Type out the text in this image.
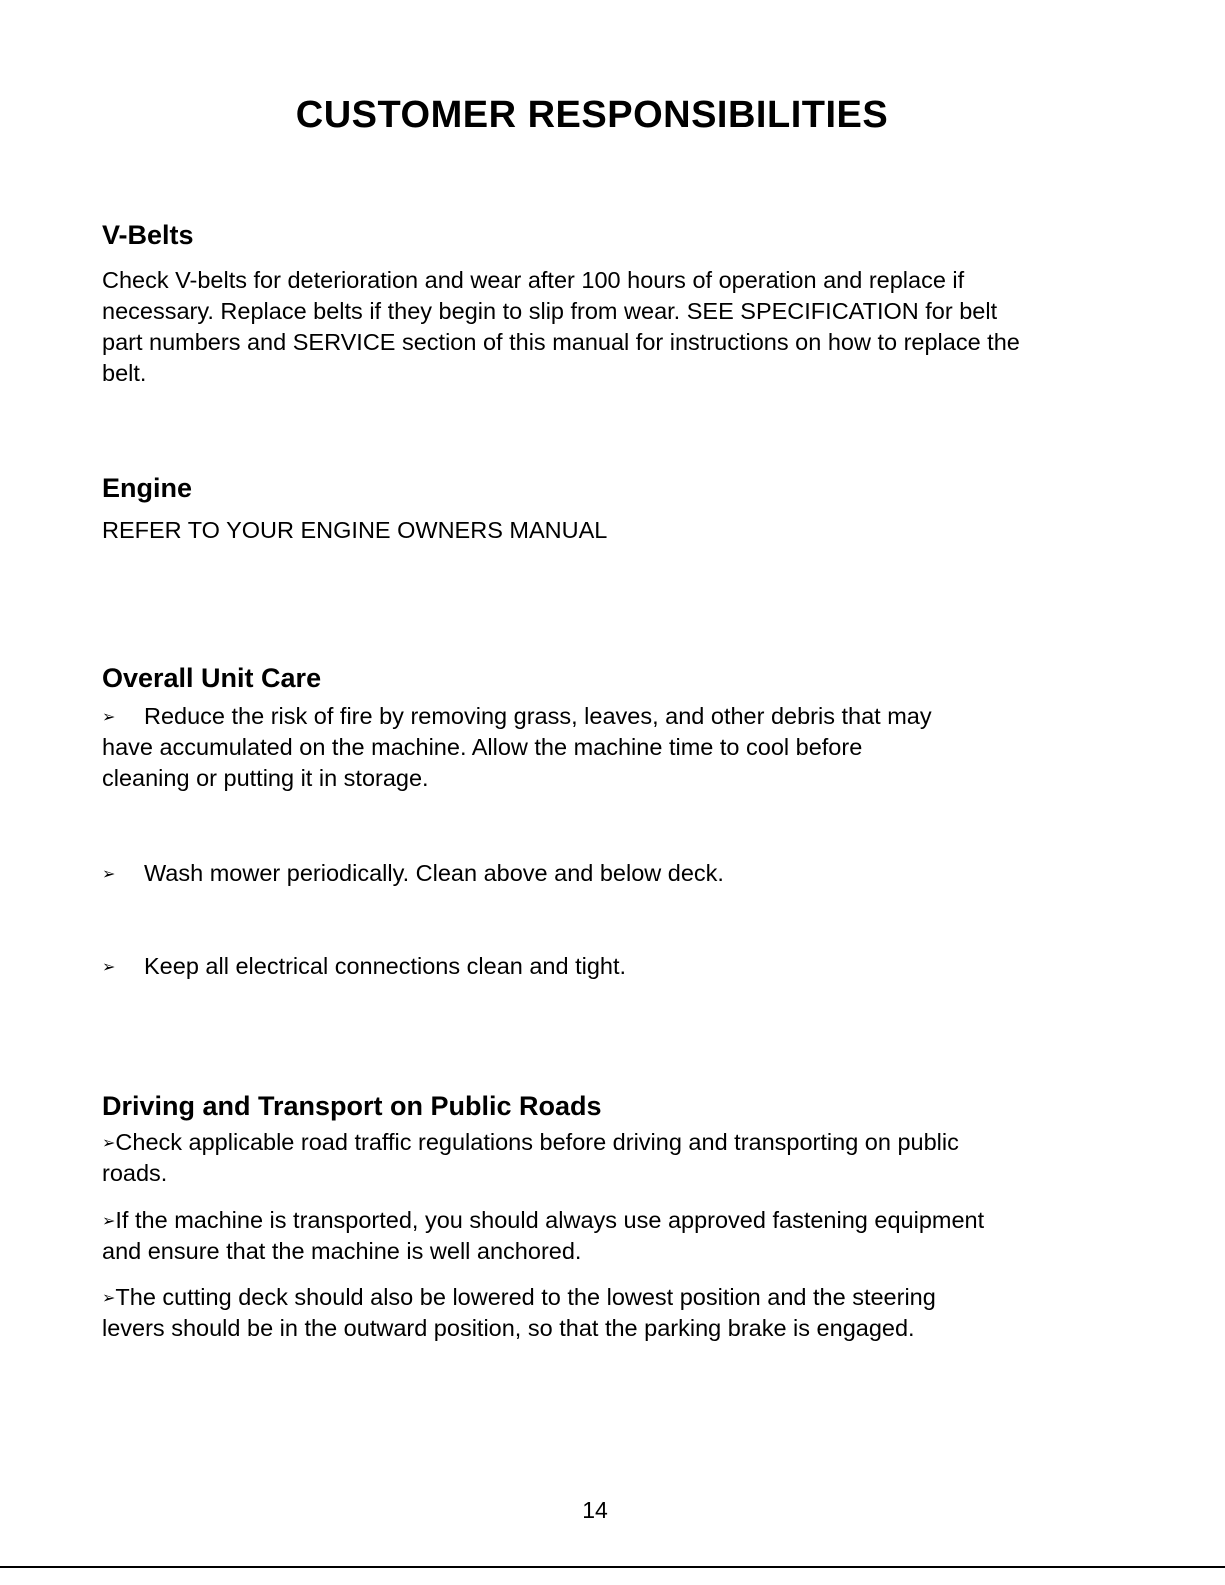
CUSTOMER RESPONSIBILITIES
V-Belts
Check V-belts for deterioration and wear after 100 hours of operation and replace if
necessary. Replace belts if they begin to slip from wear. SEE SPECIFICATION for belt
part numbers and SERVICE section of this manual for instructions on how to replace the
belt.
Engine
REFER TO YOUR ENGINE OWNERS MANUAL
Overall Unit Care
➢ Reduce the risk of fire by removing grass, leaves, and other debris that may
have accumulated on the machine. Allow the machine time to cool before
cleaning or putting it in storage.
➢ Wash mower periodically. Clean above and below deck.
➢ Keep all electrical connections clean and tight.
Driving and Transport on Public Roads
➢Check applicable road traffic regulations before driving and transporting on public
roads.
➢If the machine is transported, you should always use approved fastening equipment
and ensure that the machine is well anchored.
➢The cutting deck should also be lowered to the lowest position and the steering
levers should be in the outward position, so that the parking brake is engaged.
14
